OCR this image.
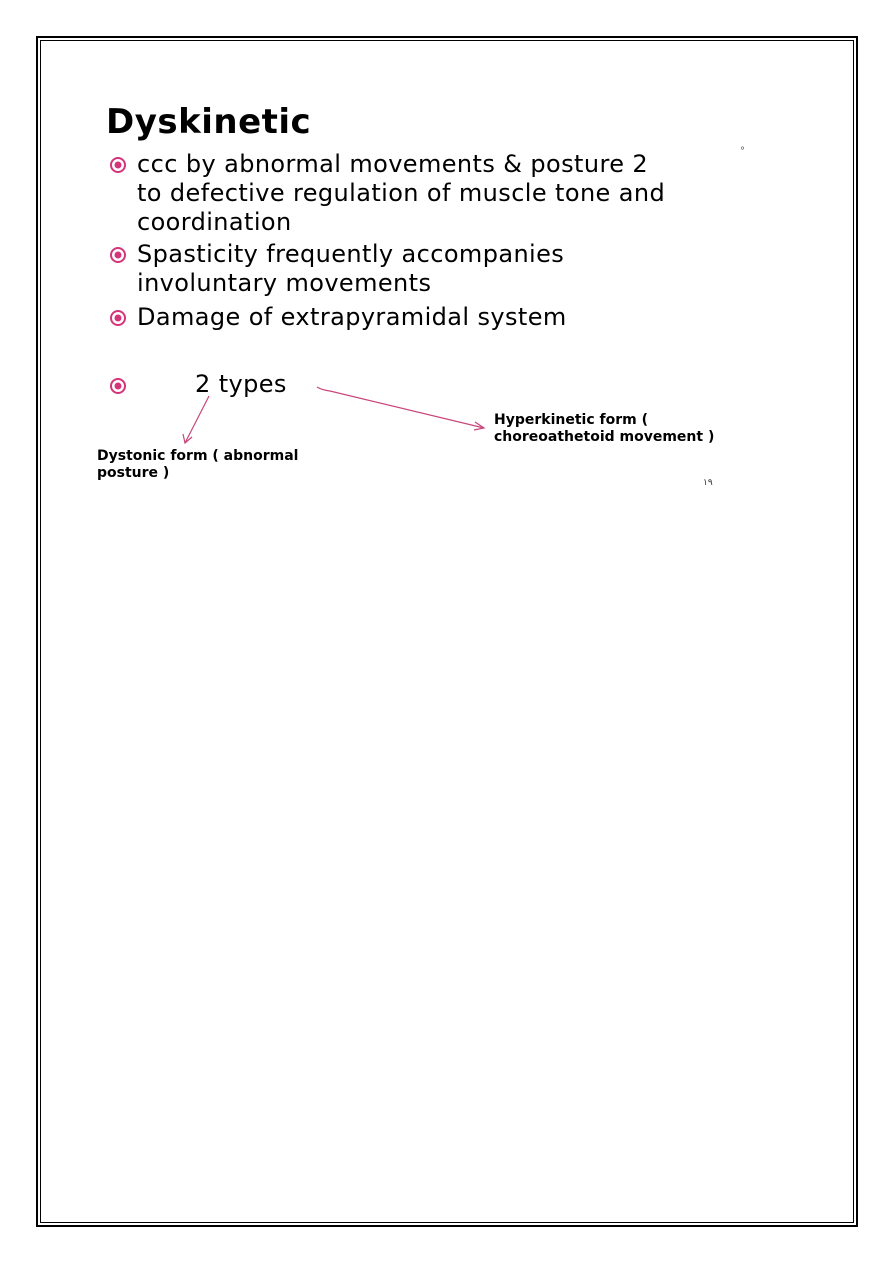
Dyskinetic
ccc by abnormal movements & posture 2	°
to defective regulation of muscle tone and
coordination
Spasticity frequently accompanies
involuntary movements
Damage of extrapyramidal system
2 types
Hyperkinetic form (
choreoathetoid movement )
Dystonic form ( abnormal
posture )
١٩
